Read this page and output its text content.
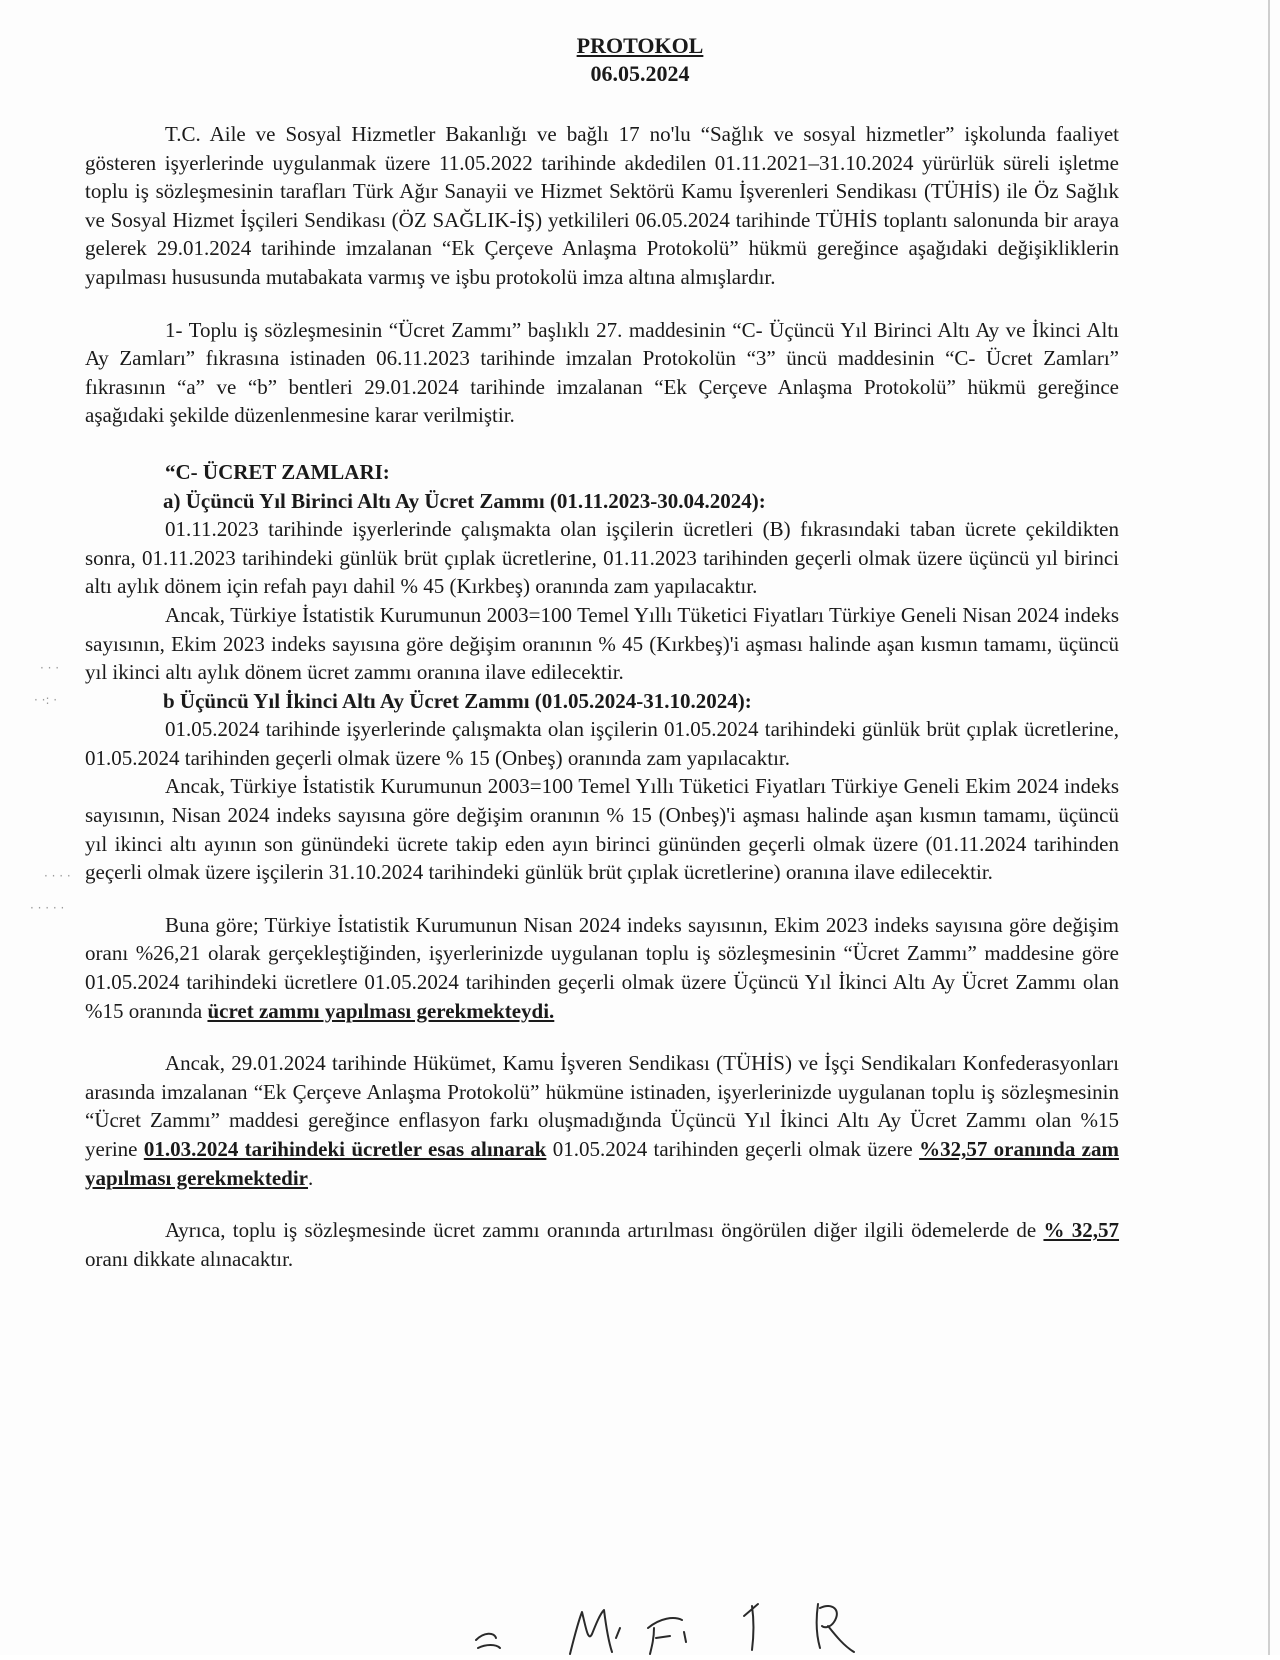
PROTOKOL
06.05.2024

T.C. Aile ve Sosyal Hizmetler Bakanlığı ve bağlı 17 no'lu “Sağlık ve sosyal hizmetler” işkolunda faaliyet gösteren işyerlerinde uygulanmak üzere 11.05.2022 tarihinde akdedilen 01.11.2021–31.10.2024 yürürlük süreli işletme toplu iş sözleşmesinin tarafları Türk Ağır Sanayii ve Hizmet Sektörü Kamu İşverenleri Sendikası (TÜHİS) ile Öz Sağlık ve Sosyal Hizmet İşçileri Sendikası (ÖZ SAĞLIK-İŞ) yetkilileri 06.05.2024 tarihinde TÜHİS toplantı salonunda bir araya gelerek 29.01.2024 tarihinde imzalanan “Ek Çerçeve Anlaşma Protokolü” hükmü gereğince aşağıdaki değişikliklerin yapılması hususunda mutabakata varmış ve işbu protokolü imza altına almışlardır.

1- Toplu iş sözleşmesinin “Ücret Zammı” başlıklı 27. maddesinin “C- Üçüncü Yıl Birinci Altı Ay ve İkinci Altı Ay Zamları” fıkrasına istinaden 06.11.2023 tarihinde imzalan Protokolün “3” üncü maddesinin “C- Ücret Zamları” fıkrasının “a” ve “b” bentleri 29.01.2024 tarihinde imzalanan “Ek Çerçeve Anlaşma Protokolü” hükmü gereğince aşağıdaki şekilde düzenlenmesine karar verilmiştir.

“C- ÜCRET ZAMLARI:

a) Üçüncü Yıl Birinci Altı Ay Ücret Zammı (01.11.2023-30.04.2024):

01.11.2023 tarihinde işyerlerinde çalışmakta olan işçilerin ücretleri (B) fıkrasındaki taban ücrete çekildikten sonra, 01.11.2023 tarihindeki günlük brüt çıplak ücretlerine, 01.11.2023 tarihinden geçerli olmak üzere üçüncü yıl birinci altı aylık dönem için refah payı dahil % 45 (Kırkbeş) oranında zam yapılacaktır.

Ancak, Türkiye İstatistik Kurumunun 2003=100 Temel Yıllı Tüketici Fiyatları Türkiye Geneli Nisan 2024 indeks sayısının, Ekim 2023 indeks sayısına göre değişim oranının % 45 (Kırkbeş)'i aşması halinde aşan kısmın tamamı, üçüncü yıl ikinci altı aylık dönem ücret zammı oranına ilave edilecektir.

b Üçüncü Yıl İkinci Altı Ay Ücret Zammı (01.05.2024-31.10.2024):

01.05.2024 tarihinde işyerlerinde çalışmakta olan işçilerin 01.05.2024 tarihindeki günlük brüt çıplak ücretlerine, 01.05.2024 tarihinden geçerli olmak üzere % 15 (Onbeş) oranında zam yapılacaktır.

Ancak, Türkiye İstatistik Kurumunun 2003=100 Temel Yıllı Tüketici Fiyatları Türkiye Geneli Ekim 2024 indeks sayısının, Nisan 2024 indeks sayısına göre değişim oranının % 15 (Onbeş)'i aşması halinde aşan kısmın tamamı, üçüncü yıl ikinci altı ayının son günündeki ücrete takip eden ayın birinci gününden geçerli olmak üzere (01.11.2024 tarihinden geçerli olmak üzere işçilerin 31.10.2024 tarihindeki günlük brüt çıplak ücretlerine) oranına ilave edilecektir.

Buna göre; Türkiye İstatistik Kurumunun Nisan 2024 indeks sayısının, Ekim 2023 indeks sayısına göre değişim oranı %26,21 olarak gerçekleştiğinden, işyerlerinizde uygulanan toplu iş sözleşmesinin “Ücret Zammı” maddesine göre 01.05.2024 tarihindeki ücretlere 01.05.2024 tarihinden geçerli olmak üzere Üçüncü Yıl İkinci Altı Ay Ücret Zammı olan %15 oranında ücret zammı yapılması gerekmekteydi.

Ancak, 29.01.2024 tarihinde Hükümet, Kamu İşveren Sendikası (TÜHİS) ve İşçi Sendikaları Konfederasyonları arasında imzalanan “Ek Çerçeve Anlaşma Protokolü” hükmüne istinaden, işyerlerinizde uygulanan toplu iş sözleşmesinin “Ücret Zammı” maddesi gereğince enflasyon farkı oluşmadığında Üçüncü Yıl İkinci Altı Ay Ücret Zammı olan %15 yerine 01.03.2024 tarihindeki ücretler esas alınarak 01.05.2024 tarihinden geçerli olmak üzere %32,57 oranında zam yapılması gerekmektedir.

Ayrıca, toplu iş sözleşmesinde ücret zammı oranında artırılması öngörülen diğer ilgili ödemelerde de % 32,57 oranı dikkate alınacaktır.

· · ·
· ·: ·
· · · ·
· · · · ·
